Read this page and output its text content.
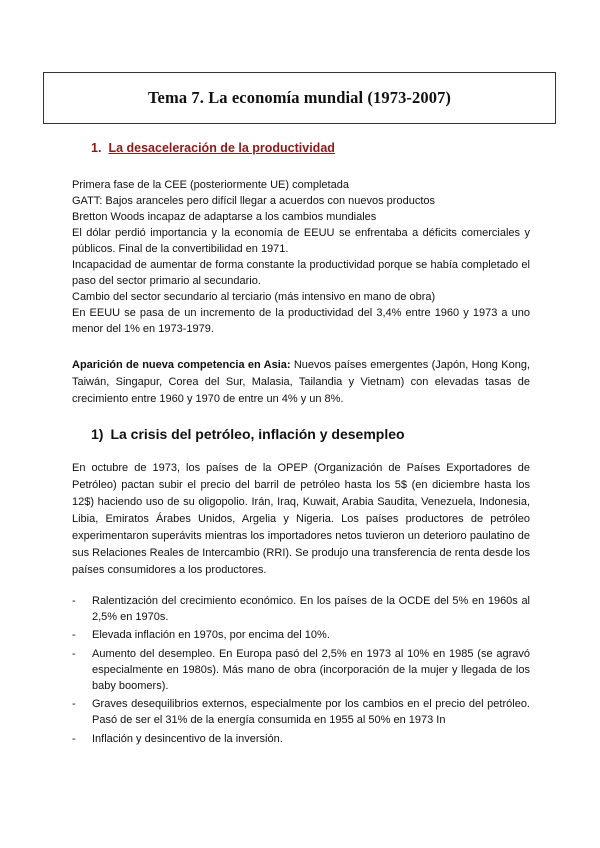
Tema 7. La economía mundial (1973-2007)
1. La desaceleración de la productividad

Primera fase de la CEE (posteriormente UE) completada

GATT: Bajos aranceles pero difícil llegar a acuerdos con nuevos productos

Bretton Woods incapaz de adaptarse a los cambios mundiales

El dólar perdió importancia y la economía de EEUU se enfrentaba a déficits comerciales y públicos. Final de la convertibilidad en 1971.

Incapacidad de aumentar de forma constante la productividad porque se había completado el paso del sector primario al secundario.

Cambio del sector secundario al terciario (más intensivo en mano de obra)

En EEUU se pasa de un incremento de la productividad del 3,4% entre 1960 y 1973 a uno menor del 1% en 1973-1979.

Aparición de nueva competencia en Asia: Nuevos países emergentes (Japón, Hong Kong, Taiwán, Singapur, Corea del Sur, Malasia, Tailandia y Vietnam) con elevadas tasas de crecimiento entre 1960 y 1970 de entre un 4% y un 8%.

1) La crisis del petróleo, inflación y desempleo

En octubre de 1973, los países de la OPEP (Organización de Países Exportadores de Petróleo) pactan subir el precio del barril de petróleo hasta los 5$ (en diciembre hasta los 12$) haciendo uso de su oligopolio. Irán, Iraq, Kuwait, Arabia Saudita, Venezuela, Indonesia, Libia, Emiratos Árabes Unidos, Argelia y Nigeria. Los países productores de petróleo experimentaron superávits mientras los importadores netos tuvieron un deterioro paulatino de sus Relaciones Reales de Intercambio (RRI). Se produjo una transferencia de renta desde los países consumidores a los productores.

- Ralentización del crecimiento económico. En los países de la OCDE del 5% en 1960s al 2,5% en 1970s.
- Elevada inflación en 1970s, por encima del 10%.
- Aumento del desempleo. En Europa pasó del 2,5% en 1973 al 10% en 1985 (se agravó especialmente en 1980s). Más mano de obra (incorporación de la mujer y llegada de los baby boomers).
- Graves desequilibrios externos, especialmente por los cambios en el precio del petróleo. Pasó de ser el 31% de la energía consumida en 1955 al 50% en 1973 In
- Inflación y desincentivo de la inversión.
